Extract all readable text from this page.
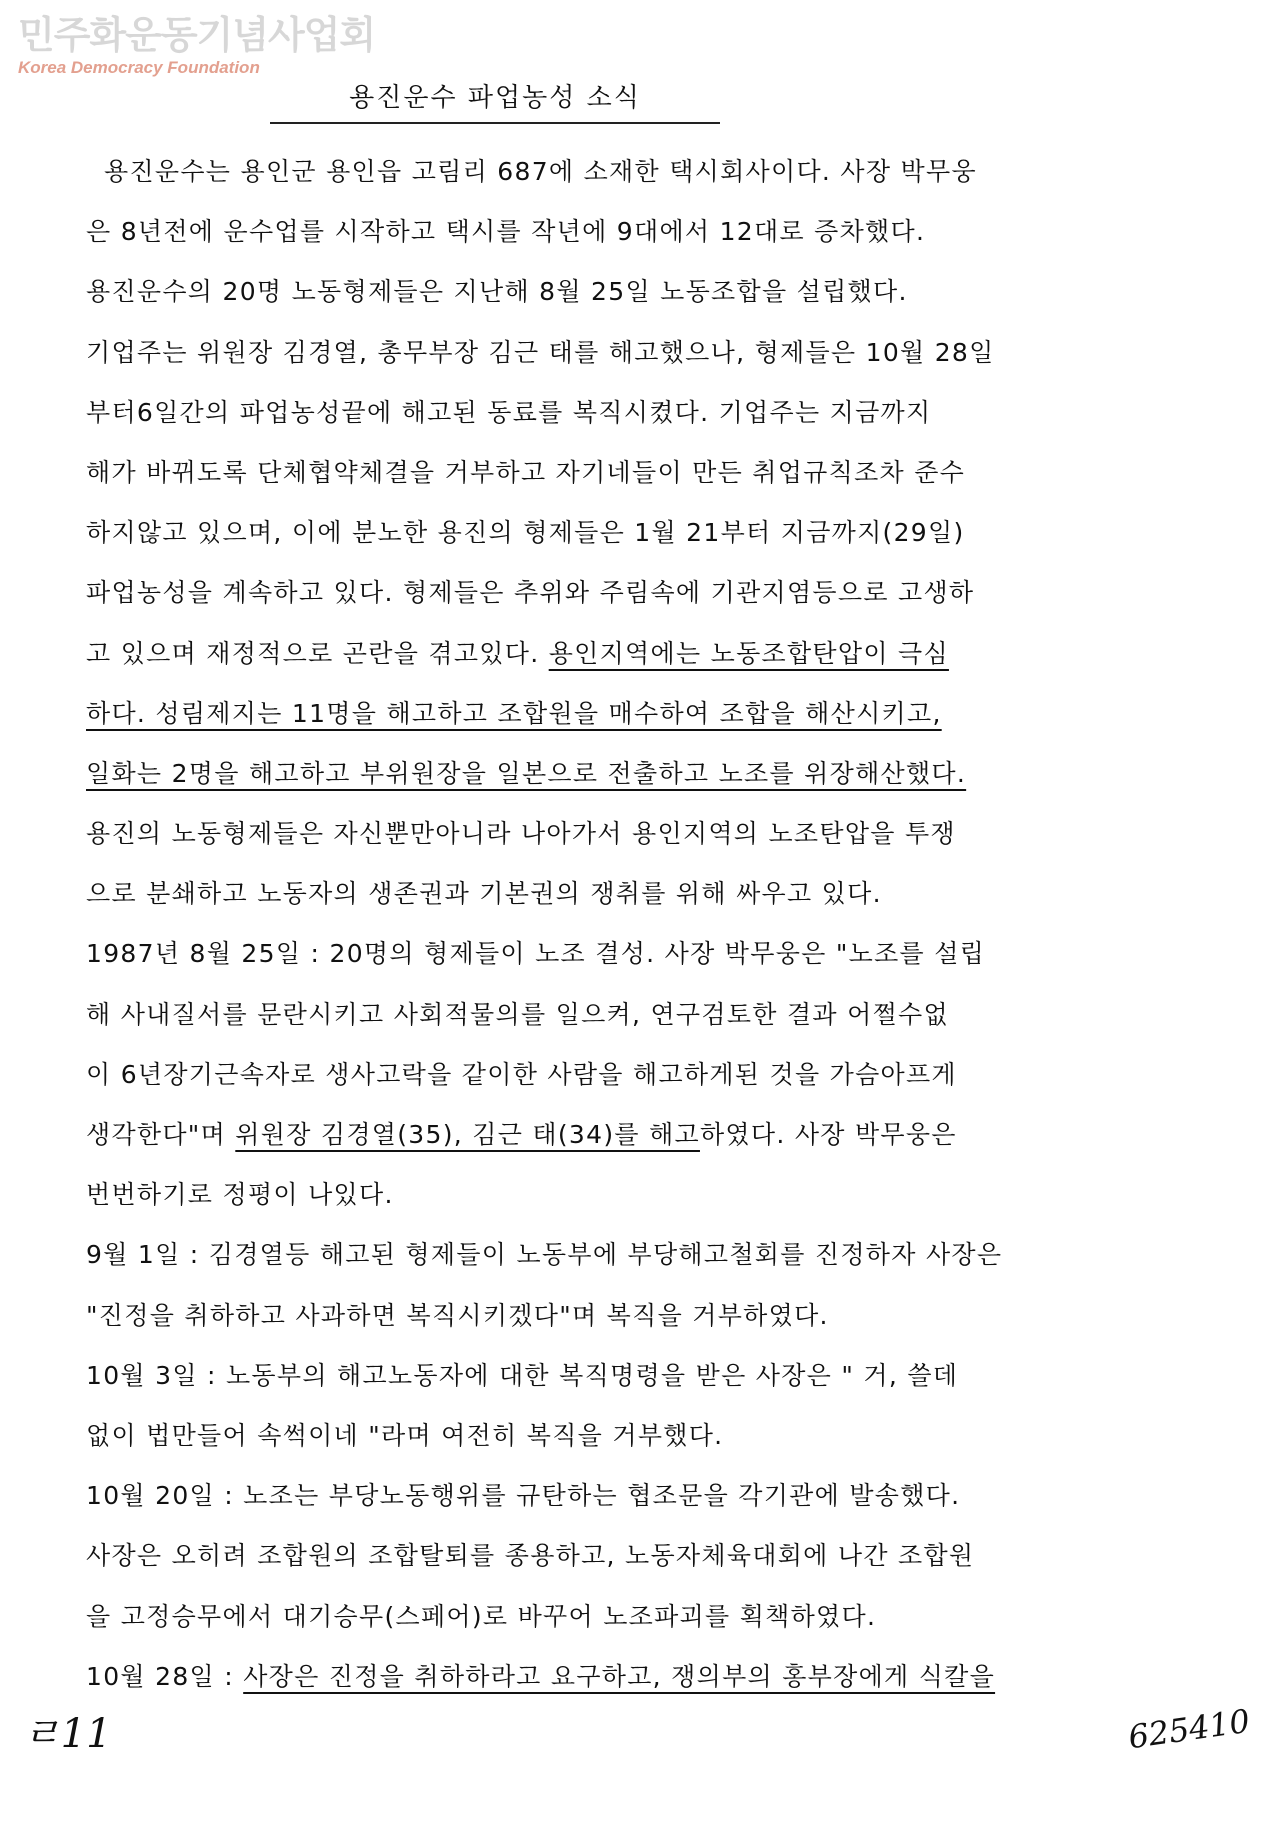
민주화운동기념사업회
Korea Democracy Foundation
용진운수 파업농성 소식
용진운수는 용인군 용인읍 고림리 687에 소재한 택시회사이다. 사장 박무웅
은 8년전에 운수업를 시작하고 택시를 작년에 9대에서 12대로 증차했다.
용진운수의 20명 노동형제들은 지난해 8월 25일 노동조합을 설립했다.
기업주는 위원장 김경열, 총무부장 김근 태를 해고했으나, 형제들은 10월 28일
부터6일간의 파업농성끝에 해고된 동료를 복직시켰다. 기업주는 지금까지
해가 바뀌도록 단체협약체결을 거부하고 자기네들이 만든 취업규칙조차 준수
하지않고 있으며, 이에 분노한 용진의 형제들은 1월 21부터 지금까지(29일)
파업농성을 계속하고 있다. 형제들은 추위와 주림속에 기관지염등으로 고생하
고 있으며 재정적으로 곤란을 겪고있다. 용인지역에는 노동조합탄압이 극심
하다. 성림제지는 11명을 해고하고 조합원을 매수하여 조합을 해산시키고,
일화는 2명을 해고하고 부위원장을 일본으로 전출하고 노조를 위장해산했다.
용진의 노동형제들은 자신뿐만아니라 나아가서 용인지역의 노조탄압을 투쟁
으로 분쇄하고 노동자의 생존권과 기본권의 쟁취를 위해 싸우고 있다.
1987년 8월 25일 : 20명의 형제들이 노조 결성. 사장 박무웅은 "노조를 설립
해 사내질서를 문란시키고 사회적물의를 일으켜, 연구검토한 결과 어쩔수없
이 6년장기근속자로 생사고락을 같이한 사람을 해고하게된 것을 가슴아프게
생각한다"며 위원장 김경열(35), 김근 태(34)를 해고하였다. 사장 박무웅은
번번하기로 정평이 나있다.
9월 1일 : 김경열등 해고된 형제들이 노동부에 부당해고철회를 진정하자 사장은
"진정을 취하하고 사과하면 복직시키겠다"며 복직을 거부하였다.
10월 3일 : 노동부의 해고노동자에 대한 복직명령을 받은 사장은 " 거, 쓸데
없이 법만들어 속썩이네 "라며 여전히 복직을 거부했다.
10월 20일 : 노조는 부당노동행위를 규탄하는 협조문을 각기관에 발송했다.
사장은 오히려 조합원의 조합탈퇴를 종용하고, 노동자체육대회에 나간 조합원
을 고정승무에서 대기승무(스페어)로 바꾸어 노조파괴를 획책하였다.
10월 28일 : 사장은 진정을 취하하라고 요구하고, 쟁의부의 홍부장에게 식칼을
ㄹ11	625410
